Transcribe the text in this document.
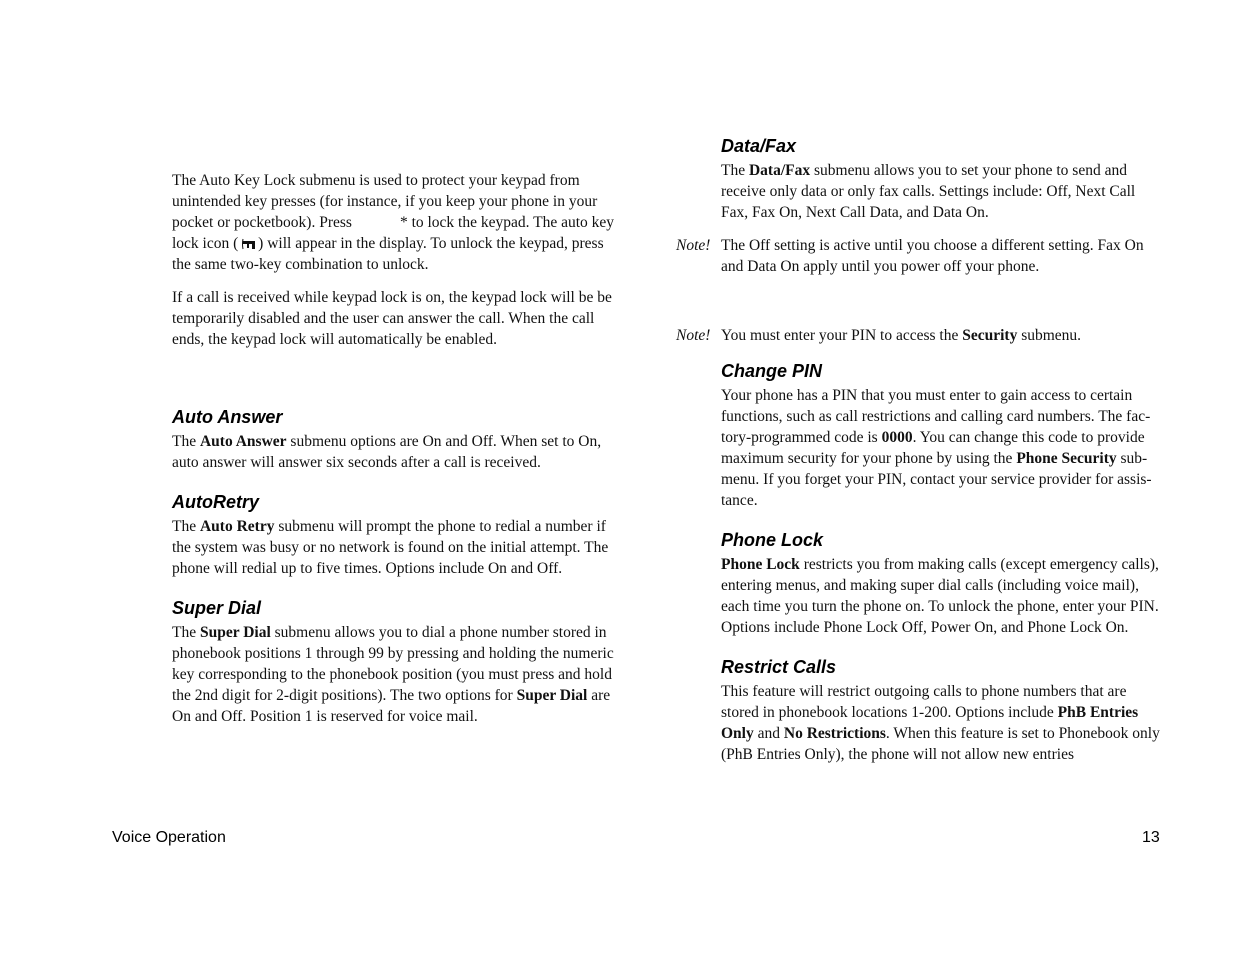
The Auto Key Lock submenu is used to protect your keypad from unintended key presses (for instance, if you keep your phone in your pocket or pocketbook). Press	* to lock the keypad. The auto key lock icon ( ) will appear in the display. To unlock the keypad, press the same two-key combination to unlock.

If a call is received while keypad lock is on, the keypad lock will be be temporarily disabled and the user can answer the call. When the call ends, the keypad lock will automatically be enabled.

Auto Answer

The Auto Answer submenu options are On and Off. When set to On, auto answer will answer six seconds after a call is received.

AutoRetry

The Auto Retry submenu will prompt the phone to redial a number if the system was busy or no network is found on the initial attempt. The phone will redial up to five times. Options include On and Off.

Super Dial

The Super Dial submenu allows you to dial a phone number stored in phonebook positions 1 through 99 by pressing and holding the numeric key corresponding to the phonebook position (you must press and hold the 2nd digit for 2-digit positions). The two options for Super Dial are On and Off. Position 1 is reserved for voice mail.

Data/Fax

The Data/Fax submenu allows you to set your phone to send and receive only data or only fax calls. Settings include: Off, Next Call Fax, Fax On, Next Call Data, and Data On.

Note! The Off setting is active until you choose a different setting. Fax On and Data On apply until you power off your phone.

Note! You must enter your PIN to access the Security submenu.

Change PIN

Your phone has a PIN that you must enter to gain access to certain functions, such as call restrictions and calling card numbers. The fac-tory-programmed code is 0000. You can change this code to provide maximum security for your phone by using the Phone Security sub-menu. If you forget your PIN, contact your service provider for assis-tance.

Phone Lock

Phone Lock restricts you from making calls (except emergency calls), entering menus, and making super dial calls (including voice mail), each time you turn the phone on. To unlock the phone, enter your PIN. Options include Phone Lock Off, Power On, and Phone Lock On.

Restrict Calls

This feature will restrict outgoing calls to phone numbers that are stored in phonebook locations 1-200. Options include PhB Entries Only and No Restrictions. When this feature is set to Phonebook only (PhB Entries Only), the phone will not allow new entries

Voice Operation	13
